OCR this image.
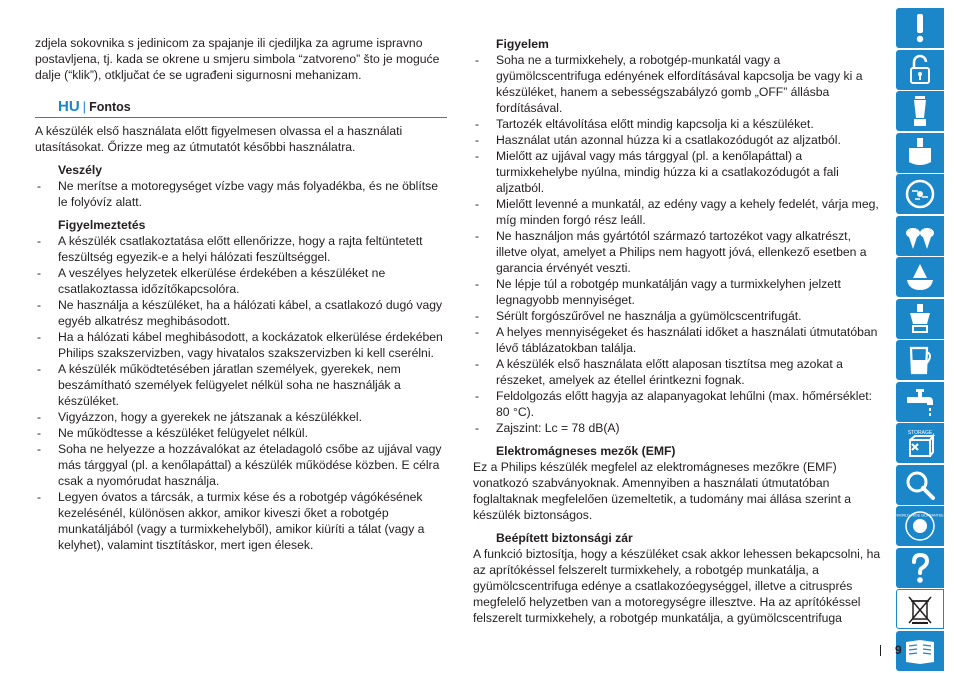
zdjela sokovnika s jedinicom za spajanje ili cjediljka za agrume ispravno postavljena, tj. kada se okrene u smjeru simbola “zatvoreno” što je moguće dalje (“klik”), otključat će se ugrađeni sigurnosni mehanizam.

HU | Fontos

A készülék első használata előtt figyelmesen olvassa el a használati utasításokat. Őrizze meg az útmutatót későbbi használatra.

Veszély

- Ne merítse a motoregységet vízbe vagy más folyadékba, és ne öblítse le folyóvíz alatt.

Figyelmeztetés

- A készülék csatlakoztatása előtt ellenőrizze, hogy a rajta feltüntetett feszültség egyezik-e a helyi hálózati feszültséggel.
- A veszélyes helyzetek elkerülése érdekében a készüléket ne csatlakoztassa időzítőkapcsolóra.
- Ne használja a készüléket, ha a hálózati kábel, a csatlakozó dugó vagy egyéb alkatrész meghibásodott.
- Ha a hálózati kábel meghibásodott, a kockázatok elkerülése érdekében Philips szakszervizben, vagy hivatalos szakszervizben ki kell cserélni.
- A készülék működtetésében járatlan személyek, gyerekek, nem beszámítható személyek felügyelet nélkül soha ne használják a készüléket.
- Vigyázzon, hogy a gyerekek ne játszanak a készülékkel.
- Ne működtesse a készüléket felügyelet nélkül.
- Soha ne helyezze a hozzávalókat az ételadagoló csőbe az ujjával vagy más tárggyal (pl. a kenőlapáttal) a készülék működése közben. E célra csak a nyomórudat használja.
- Legyen óvatos a tárcsák, a turmix kése és a robotgép vágókésének kezelésénél, különösen akkor, amikor kiveszi őket a robotgép munkatáljából (vagy a turmixkehelyből), amikor kiüríti a tálat (vagy a kelyhet), valamint tisztításkor, mert igen élesek.

Figyelem

- Soha ne a turmixkehely, a robotgép-munkatál vagy a gyümölcscentrifuga edényének elfordításával kapcsolja be vagy ki a készüléket, hanem a sebességszabályzó gomb „OFF” állásba fordításával.
- Tartozék eltávolítása előtt mindig kapcsolja ki a készüléket.
- Használat után azonnal húzza ki a csatlakozódugót az aljzatból.
- Mielőtt az ujjával vagy más tárggyal (pl. a kenőlapáttal) a turmixkehelybe nyúlna, mindig húzza ki a csatlakozódugót a fali aljzatból.
- Mielőtt levenné a munkatál, az edény vagy a kehely fedelét, várja meg, míg minden forgó rész leáll.
- Ne használjon más gyártótól származó tartozékot vagy alkatrészt, illetve olyat, amelyet a Philips nem hagyott jóvá, ellenkező esetben a garancia érvényét veszti.
- Ne lépje túl a robotgép munkatálján vagy a turmixkelyhen jelzett legnagyobb mennyiséget.
- Sérült forgószűrővel ne használja a gyümölcscentrifugát.
- A helyes mennyiségeket és használati időket a használati útmutatóban lévő táblázatokban találja.
- A készülék első használata előtt alaposan tisztítsa meg azokat a részeket, amelyek az étellel érintkezni fognak.
- Feldolgozás előtt hagyja az alapanyagokat lehűlni (max. hőmérséklet: 80 °C).
- Zajszint: Lc = 78 dB(A)

Elektromágneses mezők (EMF)

Ez a Philips készülék megfelel az elektromágneses mezőkre (EMF) vonatkozó szabványoknak. Amennyiben a használati útmutatóban foglaltaknak megfelelően üzemeltetik, a tudomány mai állása szerint a készülék biztonságos.

Beépített biztonsági zár

A funkció biztosítja, hogy a készüléket csak akkor lehessen bekapcsolni, ha az aprítókéssel felszerelt turmixkehely, a robotgép munkatálja, a gyümölcscentrifuga edénye a csatlakozóegységgel, illetve a citrusprés megfelelő helyzetben van a motoregységre illesztve. Ha az aprítókéssel felszerelt turmixkehely, a robotgép munkatálja, a gyümölcscentrifuga

STORAGE
WORLD-WIDE GUARANTEE
9
